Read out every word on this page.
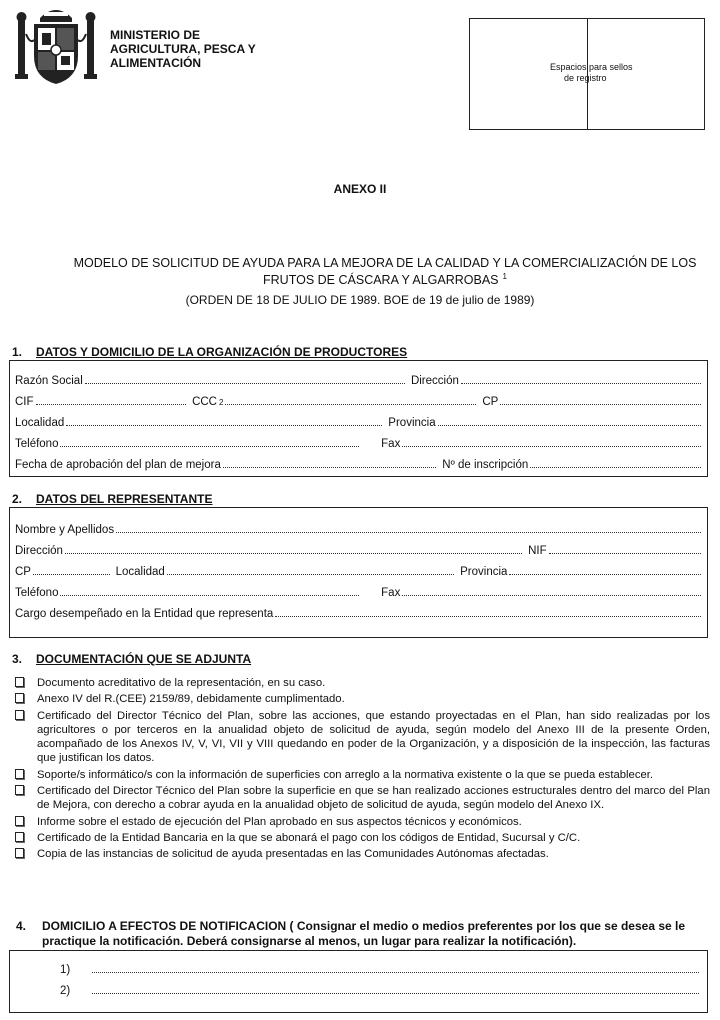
MINISTERIO DE
AGRICULTURA, PESCA Y
ALIMENTACIÓN	Espacios para sellos
de registro
ANEXO II
MODELO DE SOLICITUD DE AYUDA PARA LA MEJORA DE LA CALIDAD Y LA COMERCIALIZACIÓN DE LOS
FRUTOS DE CÁSCARA Y ALGARROBAS $^1$
(ORDEN DE 18 DE JULIO DE 1989. BOE de 19 de julio de 1989)
1. DATOS Y DOMICILIO DE LA ORGANIZACIÓN DE PRODUCTORES
Razón Social	Dirección
CIF	CCC 2	CP
Localidad	Provincia
Teléfono	Fax
Fecha de aprobación del plan de mejora	Nº de inscripción
2. DATOS DEL REPRESENTANTE
Nombre y Apellidos
Dirección	NIF
CP	Localidad	Provincia
Teléfono	Fax
Cargo desempeñado en la Entidad que representa
3. DOCUMENTACIÓN QUE SE ADJUNTA
Documento acreditativo de la representación, en su caso.
Anexo IV del R.(CEE) 2159/89, debidamente cumplimentado.
Certificado del Director Técnico del Plan, sobre las acciones, que estando proyectadas en el Plan, han sido realizadas por los agricultores o por terceros en la anualidad objeto de solicitud de ayuda, según modelo del Anexo III de la presente Orden, acompañado de los Anexos IV, V, VI, VII y VIII quedando en poder de la Organización, y a disposición de la inspección, las facturas que justifican los datos.
Soporte/s informático/s con la información de superficies con arreglo a la normativa existente o la que se pueda establecer.
Certificado del Director Técnico del Plan sobre la superficie en que se han realizado acciones estructurales dentro del marco del Plan de Mejora, con derecho a cobrar ayuda en la anualidad objeto de solicitud de ayuda, según modelo del Anexo IX.
Informe sobre el estado de ejecución del Plan aprobado en sus aspectos técnicos y económicos.
Certificado de la Entidad Bancaria en la que se abonará el pago con los códigos de Entidad, Sucursal y C/C.
Copia de las instancias de solicitud de ayuda presentadas en las Comunidades Autónomas afectadas.
4.	DOMICILIO A EFECTOS DE NOTIFICACION ( Consignar el medio o medios preferentes por los que se desea se le practique la notificación. Deberá consignarse al menos, un lugar para realizar la notificación).
1)
2)
